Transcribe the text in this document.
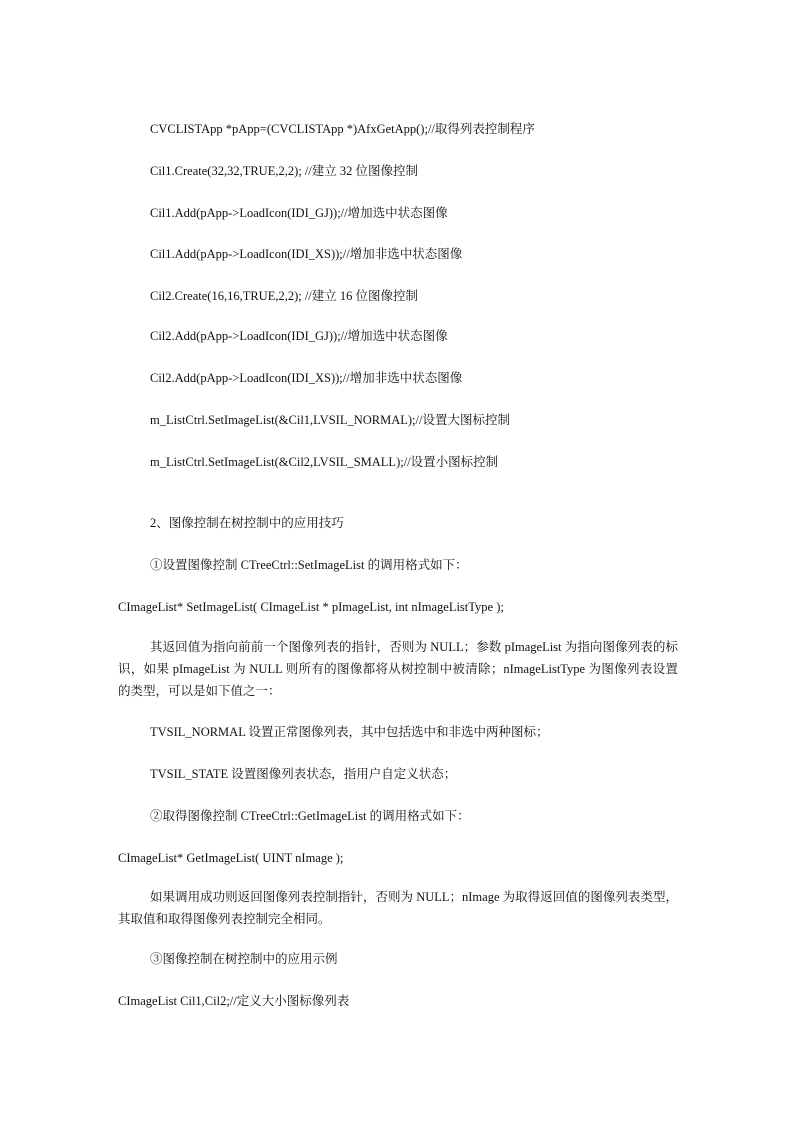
CVCLISTApp *pApp=(CVCLISTApp *)AfxGetApp();//取得列表控制程序
Cil1.Create(32,32,TRUE,2,2); //建立 32 位图像控制
Cil1.Add(pApp->LoadIcon(IDI_GJ));//增加选中状态图像
Cil1.Add(pApp->LoadIcon(IDI_XS));//增加非选中状态图像
Cil2.Create(16,16,TRUE,2,2); //建立 16 位图像控制
Cil2.Add(pApp->LoadIcon(IDI_GJ));//增加选中状态图像
Cil2.Add(pApp->LoadIcon(IDI_XS));//增加非选中状态图像
m_ListCtrl.SetImageList(&Cil1,LVSIL_NORMAL);//设置大图标控制
m_ListCtrl.SetImageList(&Cil2,LVSIL_SMALL);//设置小图标控制
2、图像控制在树控制中的应用技巧
①设置图像控制 CTreeCtrl::SetImageList 的调用格式如下：
CImageList* SetImageList( CImageList * pImageList, int nImageListType );
其返回值为指向前前一个图像列表的指针，否则为 NULL；参数 pImageList 为指向图像列表的标识，如果 pImageList 为 NULL 则所有的图像都将从树控制中被清除；nImageListType 为图像列表设置的类型，可以是如下值之一：
TVSIL_NORMAL 设置正常图像列表，其中包括选中和非选中两种图标；
TVSIL_STATE 设置图像列表状态，指用户自定义状态；
②取得图像控制 CTreeCtrl::GetImageList 的调用格式如下：
CImageList* GetImageList( UINT nImage );
如果调用成功则返回图像列表控制指针，否则为 NULL；nImage 为取得返回值的图像列表类型，其取值和取得图像列表控制完全相同。
③图像控制在树控制中的应用示例
CImageList Cil1,Cil2;//定义大小图标像列表
